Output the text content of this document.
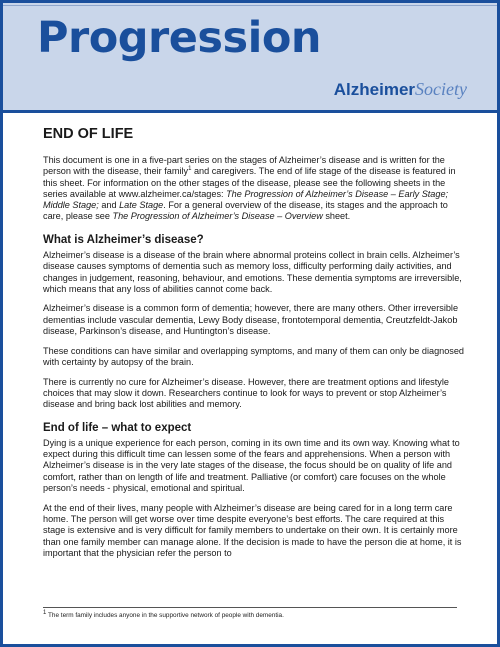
Progression
AlzheimerSociety
END OF LIFE

This document is one in a five-part series on the stages of Alzheimer’s disease and is written for the person with the disease, their family$^1$ and caregivers. The end of life stage of the disease is featured in this sheet. For information on the other stages of the disease, please see the following sheets in the series available at www.alzheimer.ca/stages: The Progression of Alzheimer’s Disease – Early Stage; Middle Stage; and Late Stage. For a general overview of the disease, its stages and the approach to care, please see The Progression of Alzheimer’s Disease – Overview sheet.

What is Alzheimer’s disease?

Alzheimer’s disease is a disease of the brain where abnormal proteins collect in brain cells. Alzheimer’s disease causes symptoms of dementia such as memory loss, difficulty performing daily activities, and changes in judgement, reasoning, behaviour, and emotions. These dementia symptoms are irreversible, which means that any loss of abilities cannot come back.

Alzheimer’s disease is a common form of dementia; however, there are many others. Other irreversible dementias include vascular dementia, Lewy Body disease, frontotemporal dementia, Creutzfeldt-Jakob disease, Parkinson’s disease, and Huntington’s disease.

These conditions can have similar and overlapping symptoms, and many of them can only be diagnosed with certainty by autopsy of the brain.

There is currently no cure for Alzheimer’s disease. However, there are treatment options and lifestyle choices that may slow it down. Researchers continue to look for ways to prevent or stop Alzheimer’s disease and bring back lost abilities and memory.

End of life – what to expect

Dying is a unique experience for each person, coming in its own time and its own way. Knowing what to expect during this difficult time can lessen some of the fears and apprehensions. When a person with Alzheimer’s disease is in the very late stages of the disease, the focus should be on quality of life and comfort, rather than on length of life and treatment. Palliative (or comfort) care focuses on the whole person’s needs - physical, emotional and spiritual.

At the end of their lives, many people with Alzheimer’s disease are being cared for in a long term care home. The person will get worse over time despite everyone’s best efforts. The care required at this stage is extensive and is very difficult for family members to undertake on their own. It is certainly more than one family member can manage alone. If the decision is made to have the person die at home, it is important that the physician refer the person to

$^1$ The term family includes anyone in the supportive network of people with dementia.
